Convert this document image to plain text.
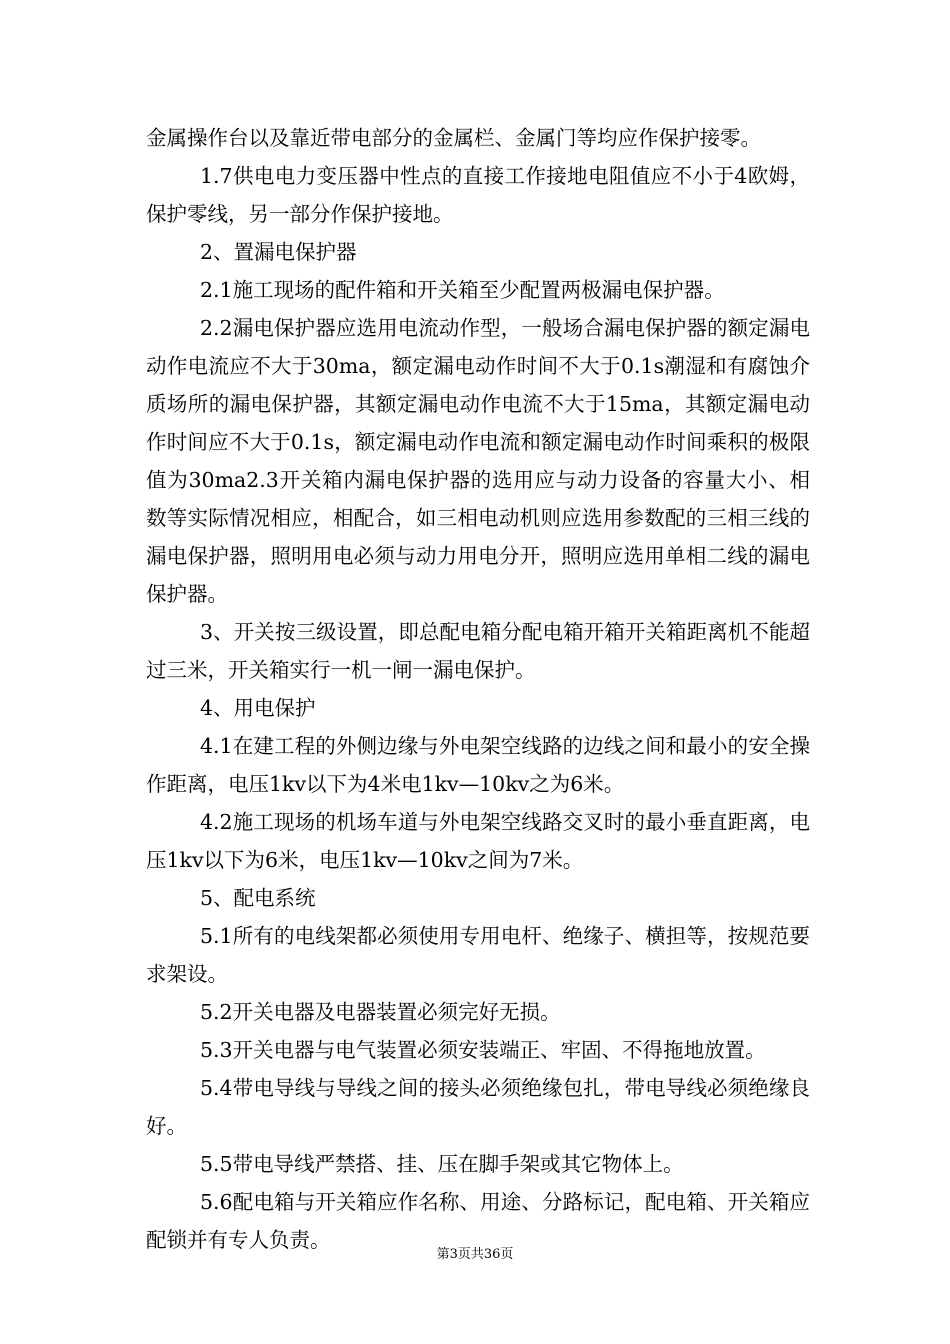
金属操作台以及靠近带电部分的金属栏、金属门等均应作保护接零。

1.7供电电力变压器中性点的直接工作接地电阻值应不小于4欧姆，保护零线，另一部分作保护接地。

2、置漏电保护器

2.1施工现场的配件箱和开关箱至少配置两极漏电保护器。

2.2漏电保护器应选用电流动作型，一般场合漏电保护器的额定漏电动作电流应不大于30ma，额定漏电动作时间不大于0.1s潮湿和有腐蚀介质场所的漏电保护器，其额定漏电动作电流不大于15ma，其额定漏电动作时间应不大于0.1s，额定漏电动作电流和额定漏电动作时间乘积的极限值为30ma2.3开关箱内漏电保护器的选用应与动力设备的容量大小、相数等实际情况相应，相配合，如三相电动机则应选用参数配的三相三线的漏电保护器，照明用电必须与动力用电分开，照明应选用单相二线的漏电保护器。

3、开关按三级设置，即总配电箱分配电箱开箱开关箱距离机不能超过三米，开关箱实行一机一闸一漏电保护。

4、用电保护

4.1在建工程的外侧边缘与外电架空线路的边线之间和最小的安全操作距离，电压1kv以下为4米电1kv—10kv之为6米。

4.2施工现场的机场车道与外电架空线路交叉时的最小垂直距离，电压1kv以下为6米，电压1kv—10kv之间为7米。

5、配电系统

5.1所有的电线架都必须使用专用电杆、绝缘子、横担等，按规范要求架设。

5.2开关电器及电器装置必须完好无损。

5.3开关电器与电气装置必须安装端正、牢固、不得拖地放置。

5.4带电导线与导线之间的接头必须绝缘包扎，带电导线必须绝缘良好。

5.5带电导线严禁搭、挂、压在脚手架或其它物体上。

5.6配电箱与开关箱应作名称、用途、分路标记，配电箱、开关箱应配锁并有专人负责。

第3页共36页
